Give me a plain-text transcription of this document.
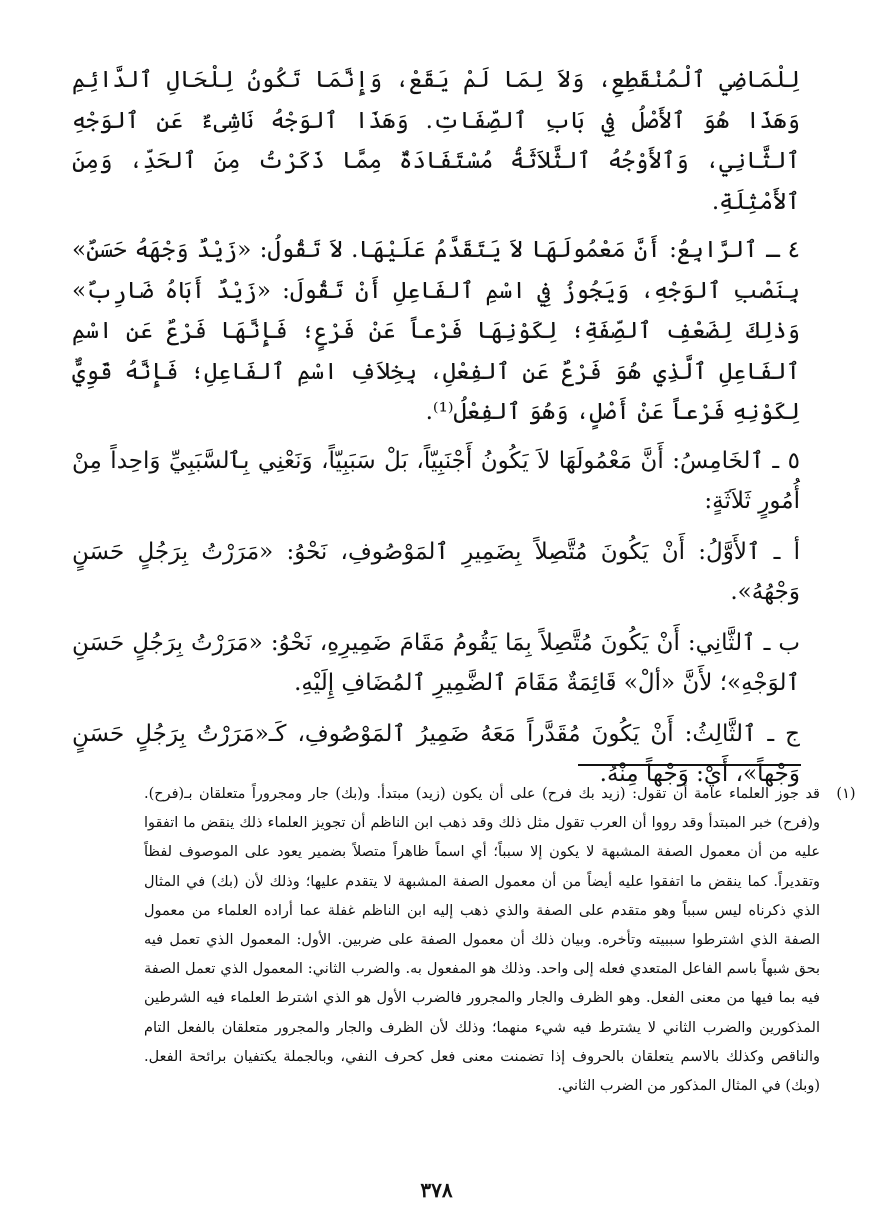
لِلْمَاضِي ٱلْمُنْقَطِعِ، وَلاَ لِمَا لَمْ يَقَعْ، وَإِنَّمَا تَكُونُ لِلْحَالِ ٱلدَّائِمِ وَهَذَا هُوَ ٱلأَصْلُ فِي بَابِ ٱلصِّفَاتِ. وَهَذَا ٱلوَجْهُ نَاشِىءٌ عَنِ ٱلوَجْهِ ٱلثَّانِي، وَٱلأَوْجُهُ ٱلثَّلاَثَةُ مُسْتَفَادَةٌ مِمَّا ذَكَرْتُ مِنَ ٱلحَدِّ، وَمِنَ ٱلأَمْثِلَةِ.

٤ ـ ٱلرَّابِعُ: أَنَّ مَعْمُولَهَا لاَ يَتَقَدَّمُ عَلَيْهَا. لاَ تَقُولُ: «زَيْدٌ وَجْهَهُ حَسَنٌ» بِنَصْبِ ٱلوَجْهِ، وَيَجُوزُ فِي اسْمِ ٱلفَاعِلِ أَنْ تَقُولَ: «زَيْدٌ أَبَاهُ ضَارِبٌ» وَذٰلِكَ لِضَعْفِ ٱلصِّفَةِ؛ لِكَوْنِهَا فَرْعاً عَنْ فَرْعٍ؛ فَإِنَّهَا فَرْعٌ عَنِ اسْمِ ٱلفَاعِلِ ٱلَّذِي هُوَ فَرْعٌ عَنِ ٱلفِعْلِ، بِخِلاَفِ اسْمِ ٱلفَاعِلِ؛ فَإِنَّهُ قَوِيٌّ لِكَوْنِهِ فَرْعاً عَنْ أَصْلٍ، وَهُوَ ٱلفِعْلُ⁽¹⁾.

٥ ـ ٱلخَامِسُ: أَنَّ مَعْمُولَهَا لاَ يَكُونُ أَجْنَبِيّاً، بَلْ سَبَبِيّاً، وَنَعْنِي بِٱلسَّبَبِيِّ وَاحِداً مِنْ أُمُورٍ ثَلاَثَةٍ:

أ ـ ٱلأَوَّلُ: أَنْ يَكُونَ مُتَّصِلاً بِضَمِيرِ ٱلمَوْصُوفِ، نَحْوُ: «مَرَرْتُ بِرَجُلٍ حَسَنٍ وَجْهُهُ».

ب ـ ٱلثَّانِي: أَنْ يَكُونَ مُتَّصِلاً بِمَا يَقُومُ مَقَامَ ضَمِيرِهِ، نَحْوُ: «مَرَرْتُ بِرَجُلٍ حَسَنِ ٱلوَجْهِ»؛ لأَنَّ «ألْ» قَائِمَةٌ مَقَامَ ٱلضَّمِيرِ ٱلمُضَافِ إِلَيْهِ.

ج ـ ٱلثَّالِثُ: أَنْ يَكُونَ مُقَدَّراً مَعَهُ ضَمِيرُ ٱلمَوْصُوفِ، كَـ«مَرَرْتُ بِرَجُلٍ حَسَنٍ وَجْهاً»، أَيْ: وَجْهاً مِنْهُ.

(١)
قد جوز العلماء عامة أن تقول: (زيد بك فرح) على أن يكون (زيد) مبتدأ. و(بك) جار ومجروراً متعلقان بـ(فرح). و(فرح) خبر المبتدأ وقد رووا أن العرب تقول مثل ذلك وقد ذهب ابن الناظم أن تجويز العلماء ذلك ينقض ما اتفقوا عليه من أن معمول الصفة المشبهة لا يكون إلا سبباً؛ أي اسماً ظاهراً متصلاً بضمير يعود على الموصوف لفظاً وتقديراً. كما ينقض ما اتفقوا عليه أيضاً من أن معمول الصفة المشبهة لا يتقدم عليها؛ وذلك لأن (بك) في المثال الذي ذكرناه ليس سبباً وهو متقدم على الصفة والذي ذهب إليه ابن الناظم غفلة عما أراده العلماء من معمول الصفة الذي اشترطوا سببيته وتأخره. وبيان ذلك أن معمول الصفة على ضربين. الأول: المعمول الذي تعمل فيه بحق شبهاً باسم الفاعل المتعدي فعله إلى واحد. وذلك هو المفعول به. والضرب الثاني: المعمول الذي تعمل الصفة فيه بما فيها من معنى الفعل. وهو الظرف والجار والمجرور فالضرب الأول هو الذي اشترط العلماء فيه الشرطين المذكورين والضرب الثاني لا يشترط فيه شيء منهما؛ وذلك لأن الظرف والجار والمجرور متعلقان بالفعل التام والناقص وكذلك بالاسم يتعلقان بالحروف إذا تضمنت معنى فعل كحرف النفي، وبالجملة يكتفيان برائحة الفعل. (وبك) في المثال المذكور من الضرب الثاني.
٣٧٨
